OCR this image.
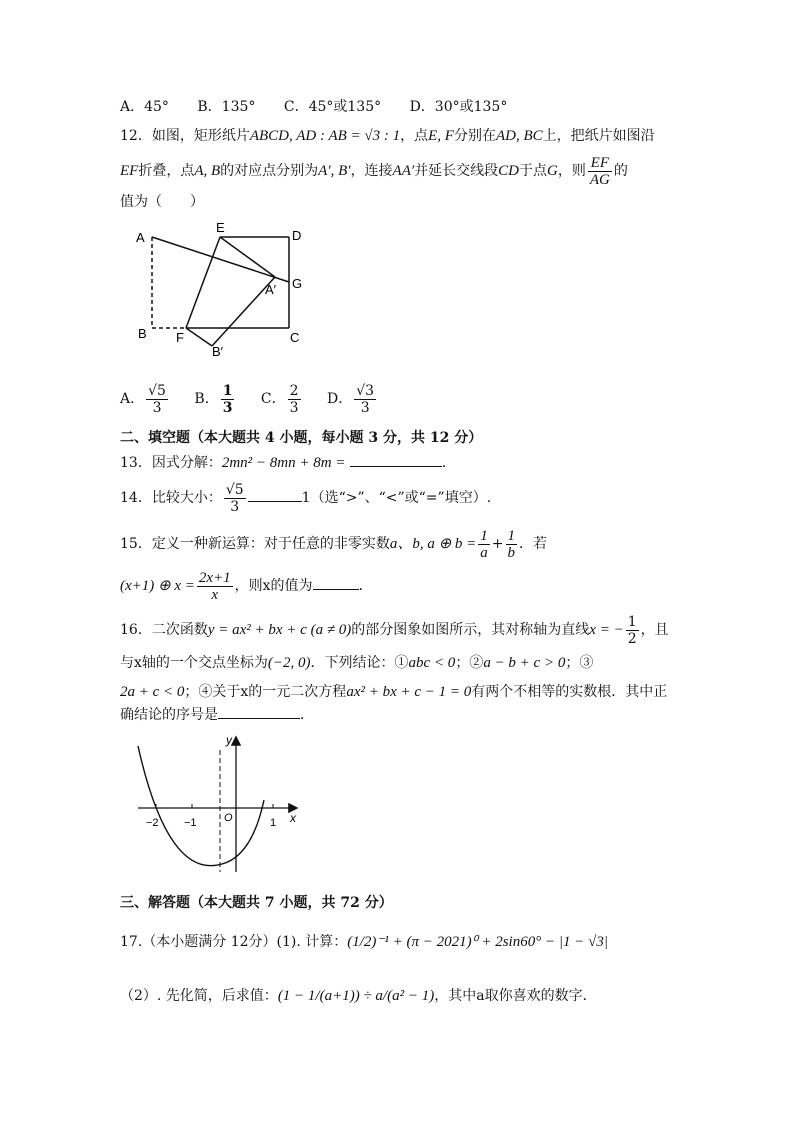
A．45° B．135° C．45°或135° D．30°或135°
12．如图，矩形纸片ABCD, AD : AB = √3 : 1，点E, F分别在AD, BC上，把纸片如图沿
EF折叠，点A, B的对应点分别为A′, B′，连接AA′并延长交线段CD于点G，则 $\frac{EF}{AG}$ 的
值为（　　）
A
E
D
G
A′
B F	C
B′
A． $\frac{√5}{3}$ B． $\frac{1}{3}$ C． $\frac{2}{3}$ D． $\frac{√3}{3}$
二、填空题（本大题共 4 小题，每小题 3 分，共 12 分）
13．因式分解：2mn² − 8mn + 8m =	．
14．比较大小： $\frac{√5}{3}$	1（选“>”、“<”或“=”填空）.
15．定义一种新运算：对于任意的非零实数a、b, a ⊕ $b = \frac{1}{a} + \frac{1}{b}$ ．若
(x+1) ⊕ $x = \frac{2x+1}{x}$ ，则x的值为	．
16．二次函数y = ax² + bx + c (a ≠ 0)的部分图象如图所示，其对称轴为直线x = − $\frac{1}{2}$ ，且
与x轴的一个交点坐标为(−2, 0)．下列结论：①abc < 0；②a − b + c > 0；③
2a + c < 0；④关于x的一元二次方程ax² + bx + c − 1 = 0有两个不相等的实数根．其中正
确结论的序号是	．
y
x
O
−2 −1	1
三、解答题（本大题共 7 小题，共 72 分）
17.（本小题满分 12分）(1). 计算：(1/2)⁻¹ + (π − 2021)⁰ + 2sin60° − |1 − √3|
（2）. 先化简，后求值：(1 − 1/(a+1)) ÷ a/(a² − 1)，其中a取你喜欢的数字．
